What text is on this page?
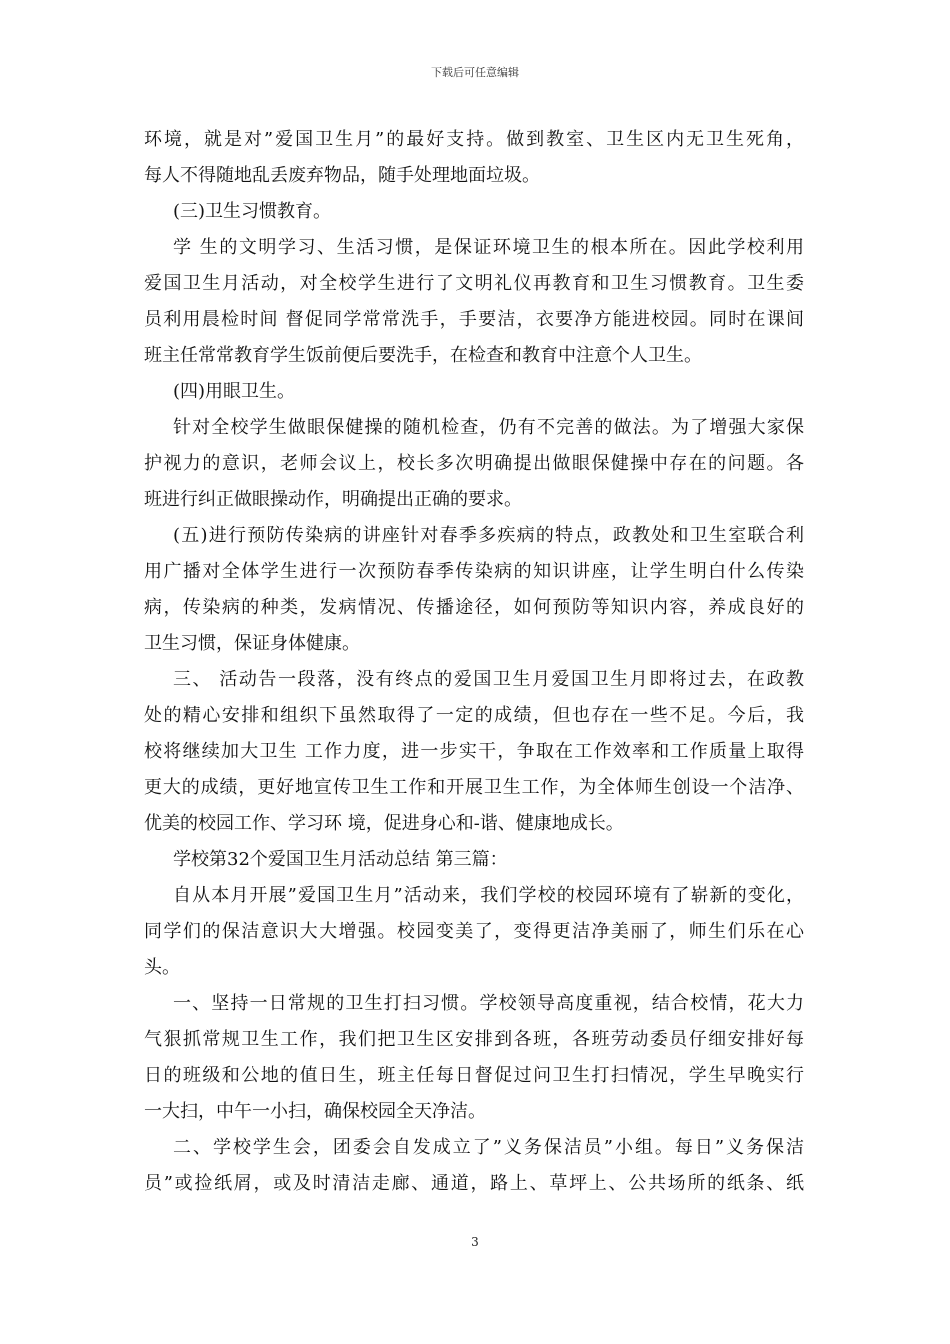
下载后可任意编辑
环境，就是对”爱国卫生月”的最好支持。做到教室、卫生区内无卫生死角，
每人不得随地乱丢废弃物品，随手处理地面垃圾。
(三)卫生习惯教育。
学 生的文明学习、生活习惯，是保证环境卫生的根本所在。因此学校利用
爱国卫生月活动，对全校学生进行了文明礼仪再教育和卫生习惯教育。卫生委
员利用晨检时间 督促同学常常洗手，手要洁，衣要净方能进校园。同时在课间
班主任常常教育学生饭前便后要洗手，在检查和教育中注意个人卫生。
(四)用眼卫生。
针对全校学生做眼保健操的随机检查，仍有不完善的做法。为了增强大家保
护视力的意识，老师会议上，校长多次明确提出做眼保健操中存在的问题。各
班进行纠正做眼操动作，明确提出正确的要求。
(五)进行预防传染病的讲座针对春季多疾病的特点，政教处和卫生室联合利
用广播对全体学生进行一次预防春季传染病的知识讲座，让学生明白什么传染
病，传染病的种类，发病情况、传播途径，如何预防等知识内容，养成良好的
卫生习惯，保证身体健康。
三、 活动告一段落，没有终点的爱国卫生月爱国卫生月即将过去，在政教
处的精心安排和组织下虽然取得了一定的成绩，但也存在一些不足。今后，我
校将继续加大卫生 工作力度，进一步实干，争取在工作效率和工作质量上取得
更大的成绩，更好地宣传卫生工作和开展卫生工作，为全体师生创设一个洁净、
优美的校园工作、学习环 境，促进身心和-谐、健康地成长。
学校第32个爱国卫生月活动总结 第三篇：
自从本月开展”爱国卫生月”活动来，我们学校的校园环境有了崭新的变化，
同学们的保洁意识大大增强。校园变美了，变得更洁净美丽了，师生们乐在心
头。
一、坚持一日常规的卫生打扫习惯。学校领导高度重视，结合校情，花大力
气狠抓常规卫生工作，我们把卫生区安排到各班，各班劳动委员仔细安排好每
日的班级和公地的值日生，班主任每日督促过问卫生打扫情况，学生早晚实行
一大扫，中午一小扫，确保校园全天净洁。
二、学校学生会，团委会自发成立了”义务保洁员”小组。每日”义务保洁
员”或捡纸屑，或及时清洁走廊、通道，路上、草坪上、公共场所的纸条、纸
3
